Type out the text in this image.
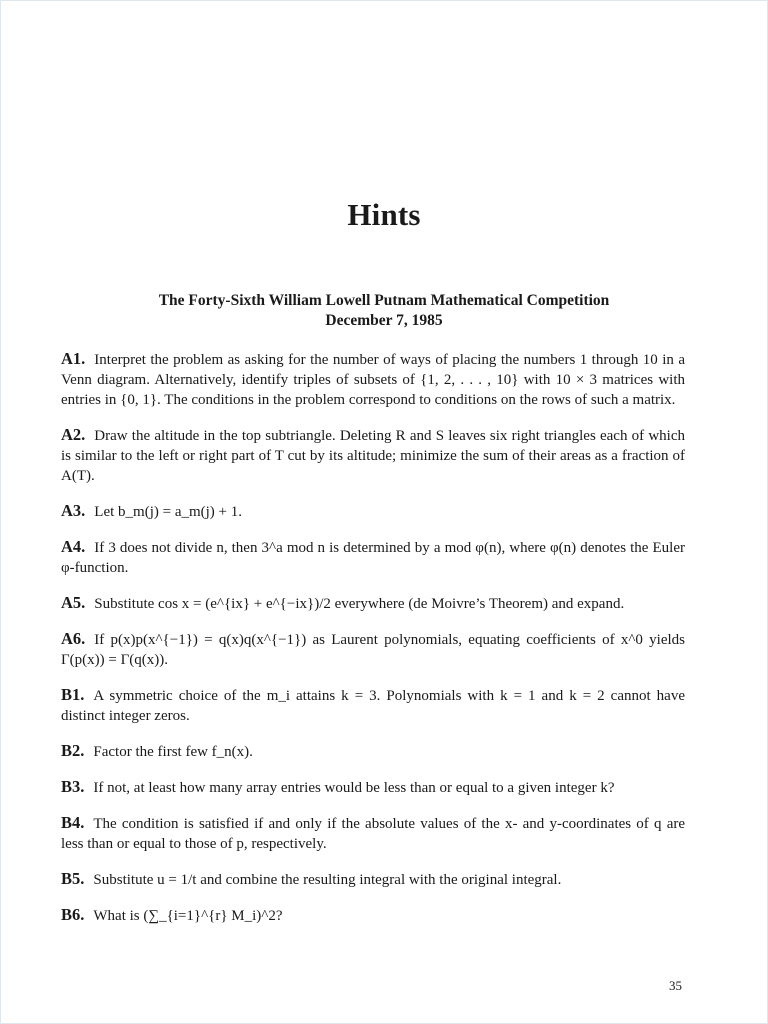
Hints
The Forty-Sixth William Lowell Putnam Mathematical Competition
December 7, 1985

A1. Interpret the problem as asking for the number of ways of placing the numbers 1 through 10 in a Venn diagram. Alternatively, identify triples of subsets of {1, 2, . . . , 10} with 10 × 3 matrices with entries in {0, 1}. The conditions in the problem correspond to conditions on the rows of such a matrix.

A2. Draw the altitude in the top subtriangle. Deleting R and S leaves six right triangles each of which is similar to the left or right part of T cut by its altitude; minimize the sum of their areas as a fraction of A(T).

A3. Let b_m(j) = a_m(j) + 1.

A4. If 3 does not divide n, then 3^a mod n is determined by a mod φ(n), where φ(n) denotes the Euler φ-function.

A5. Substitute cos x = (e^{ix} + e^{−ix})/2 everywhere (de Moivre’s Theorem) and expand.

A6. If p(x)p(x^{−1}) = q(x)q(x^{−1}) as Laurent polynomials, equating coefficients of x^0 yields Γ(p(x)) = Γ(q(x)).

B1. A symmetric choice of the m_i attains k = 3. Polynomials with k = 1 and k = 2 cannot have distinct integer zeros.

B2. Factor the first few f_n(x).

B3. If not, at least how many array entries would be less than or equal to a given integer k?

B4. The condition is satisfied if and only if the absolute values of the x- and y-coordinates of q are less than or equal to those of p, respectively.

B5. Substitute u = 1/t and combine the resulting integral with the original integral.

B6. What is (∑_{i=1}^{r} M_i)^2?

35
